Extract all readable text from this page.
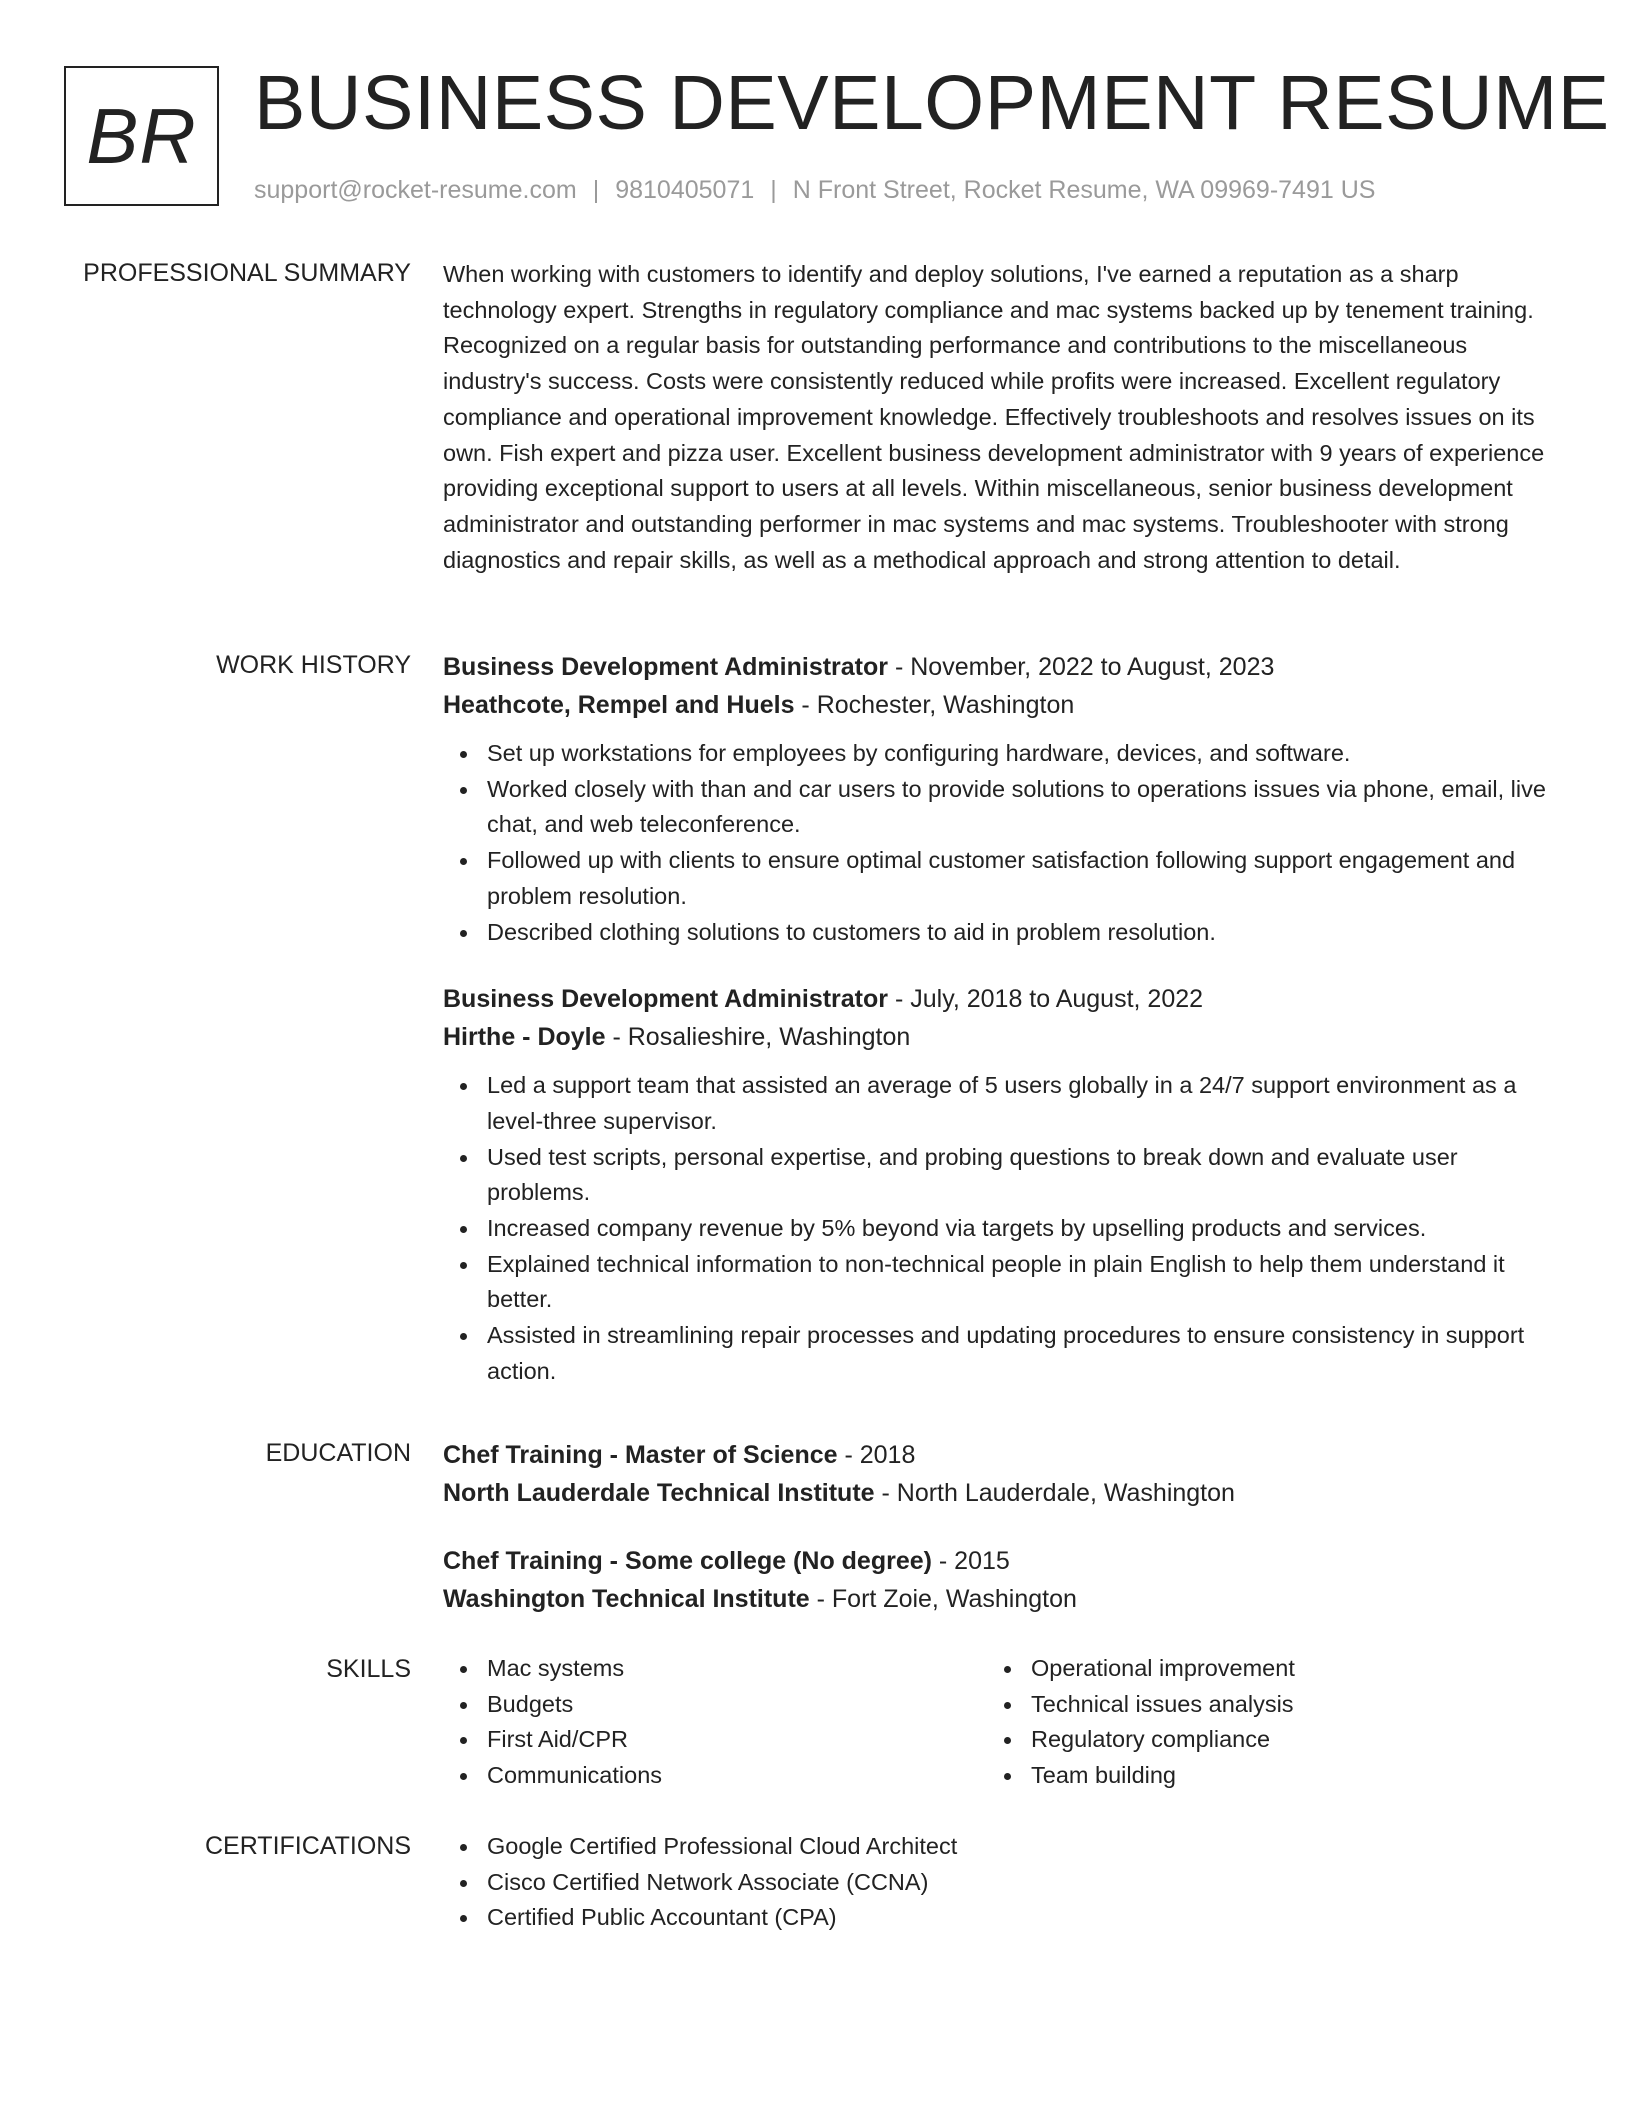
BR BUSINESS DEVELOPMENT RESUME
support@rocket-resume.com | 9810405071 | N Front Street, Rocket Resume, WA 09969-7491 US
PROFESSIONAL SUMMARY When working with customers to identify and deploy solutions, I've earned a reputation as a sharp technology expert. Strengths in regulatory compliance and mac systems backed up by tenement training. Recognized on a regular basis for outstanding performance and contributions to the miscellaneous industry's success. Costs were consistently reduced while profits were increased. Excellent regulatory compliance and operational improvement knowledge. Effectively troubleshoots and resolves issues on its own. Fish expert and pizza user. Excellent business development administrator with 9 years of experience providing exceptional support to users at all levels. Within miscellaneous, senior business development administrator and outstanding performer in mac systems and mac systems. Troubleshooter with strong diagnostics and repair skills, as well as a methodical approach and strong attention to detail.

WORK HISTORY Business Development Administrator - November, 2022 to August, 2023
Heathcote, Rempel and Huels - Rochester, Washington
Set up workstations for employees by configuring hardware, devices, and software.
Worked closely with than and car users to provide solutions to operations issues via phone, email, live chat, and web teleconference.
Followed up with clients to ensure optimal customer satisfaction following support engagement and problem resolution.
Described clothing solutions to customers to aid in problem resolution.
Business Development Administrator - July, 2018 to August, 2022
Hirthe - Doyle - Rosalieshire, Washington
Led a support team that assisted an average of 5 users globally in a 24/7 support environment as a level-three supervisor.
Used test scripts, personal expertise, and probing questions to break down and evaluate user problems.
Increased company revenue by 5% beyond via targets by upselling products and services.
Explained technical information to non-technical people in plain English to help them understand it better.
Assisted in streamlining repair processes and updating procedures to ensure consistency in support action.
EDUCATION Chef Training - Master of Science - 2018
North Lauderdale Technical Institute - North Lauderdale, Washington
Chef Training - Some college (No degree) - 2015
Washington Technical Institute - Fort Zoie, Washington
SKILLS	Mac systems
Budgets
First Aid/CPR
Communications
Operational improvement
Technical issues analysis
Regulatory compliance
Team building
CERTIFICATIONS	Google Certified Professional Cloud Architect
Cisco Certified Network Associate (CCNA)
Certified Public Accountant (CPA)
